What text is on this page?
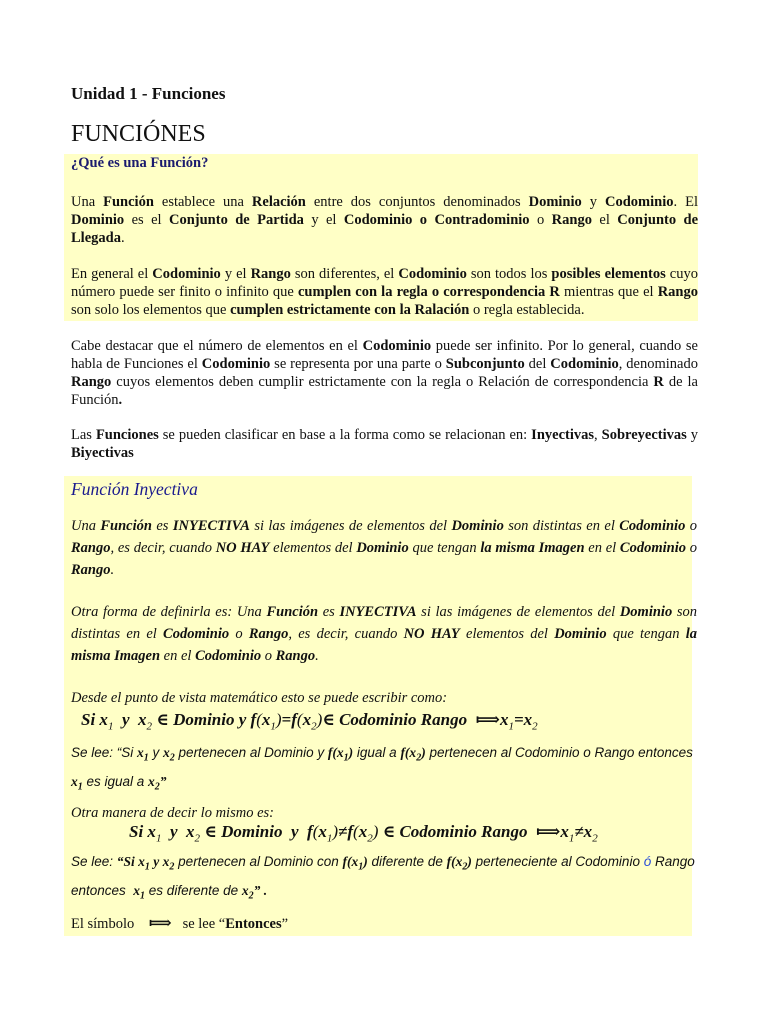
Unidad 1 - Funciones
FUNCIÓNES
¿Qué es una Función?

Una Función establece una Relación entre dos conjuntos denominados Dominio y Codominio. El Dominio es el Conjunto de Partida y el Codominio o Contradominio o Rango el Conjunto de Llegada.

En general el Codominio y el Rango son diferentes, el Codominio son todos los posibles elementos cuyo número puede ser finito o infinito que cumplen con la regla o correspondencia R mientras que el Rango son solo los elementos que cumplen estrictamente con la Ralación o regla establecida.

Cabe destacar que el número de elementos en el Codominio puede ser infinito. Por lo general, cuando se habla de Funciones el Codominio se representa por una parte o Subconjunto del Codominio, denominado Rango cuyos elementos deben cumplir estrictamente con la regla o Relación de correspondencia R de la Función.

Las Funciones se pueden clasificar en base a la forma como se relacionan en: Inyectivas, Sobreyectivas y Biyectivas

Función Inyectiva

Una Función es INYECTIVA si las imágenes de elementos del Dominio son distintas en el Codominio o Rango, es decir, cuando NO HAY elementos del Dominio que tengan la misma Imagen en el Codominio o Rango.

Otra forma de definirla es: Una Función es INYECTIVA si las imágenes de elementos del Dominio son distintas en el Codominio o Rango, es decir, cuando NO HAY elementos del Dominio que tengan la misma Imagen en el Codominio o Rango.

Desde el punto de vista matemático esto se puede escribir como:

Si $x_1$  y  $x_2$ ∈ Dominio y $f(x_1)=f(x_2)\in$ Codominio Rango  $⟾x_1=x_2$

Se lee: “Si $x_1$ y $x_2$ pertenecen al Dominio y $f(x_1)$ igual a $f(x_2)$ pertenecen al Codominio o Rango entonces  $x_1$ es igual a $x_2$”

Otra manera de decir lo mismo es:

Si $x_1$  y  $x_2$ ∈ Dominio  y  $f(x_1)\ne f(x_2)$ ∈ Codominio Rango  $⟾x_1\ne x_2$

Se lee: “Si $x_1$ y $x_2$ pertenecen al Dominio con $f(x_1)$ diferente de $f(x_2)$ perteneciente al Codominio ó Rango entonces  $x_1$ es diferente de $x_2$” .

El símbolo ⟾ se lee “Entonces”
